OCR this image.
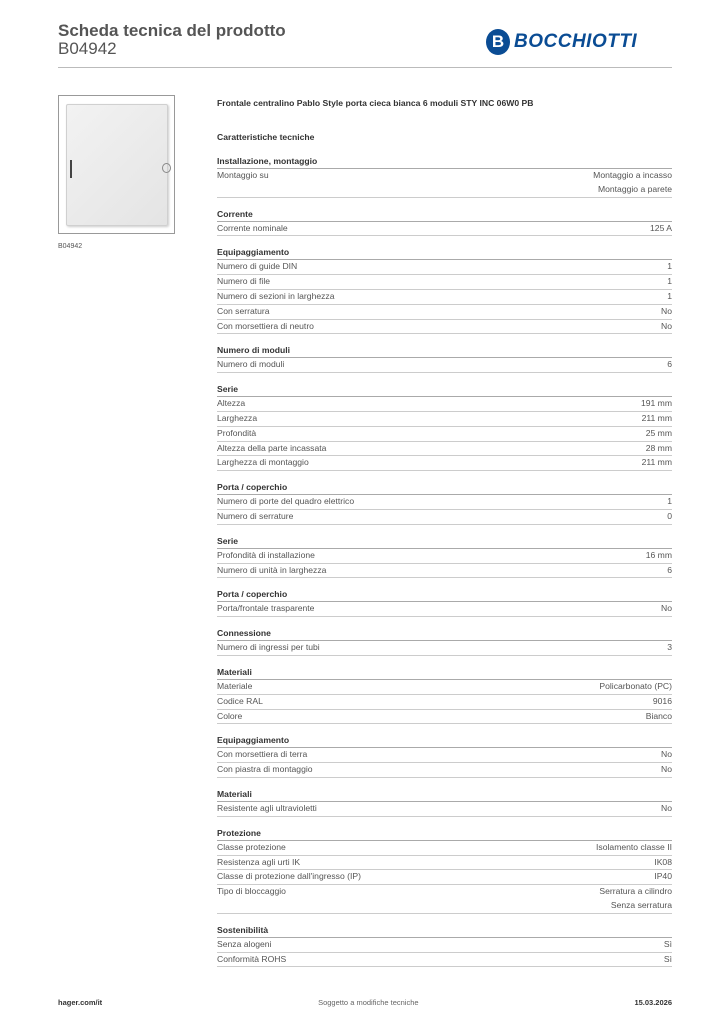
Scheda tecnica del prodotto
B04942	B BOCCHIOTTI
B04942
Frontale centralino Pablo Style porta cieca bianca 6 moduli STY INC 06W0 PB
Caratteristiche tecniche
Installazione, montaggio
Montaggio su	Montaggio a incasso
Montaggio a parete
Corrente
Corrente nominale	125 A
Equipaggiamento
Numero di guide DIN	1
Numero di file	1
Numero di sezioni in larghezza	1
Con serratura	No
Con morsettiera di neutro	No
Numero di moduli
Numero di moduli	6
Serie
Altezza	191 mm
Larghezza	211 mm
Profondità	25 mm
Altezza della parte incassata	28 mm
Larghezza di montaggio	211 mm
Porta / coperchio
Numero di porte del quadro elettrico	1
Numero di serrature	0
Serie
Profondità di installazione	16 mm
Numero di unità in larghezza	6
Porta / coperchio
Porta/frontale trasparente	No
Connessione
Numero di ingressi per tubi	3
Materiali
Materiale	Policarbonato (PC)
Codice RAL	9016
Colore	Bianco
Equipaggiamento
Con morsettiera di terra	No
Con piastra di montaggio	No
Materiali
Resistente agli ultravioletti	No
Protezione
Classe protezione	Isolamento classe II
Resistenza agli urti IK	IK08
Classe di protezione dall'ingresso (IP)	IP40
Tipo di bloccaggio	Serratura a cilindro
Senza serratura
Sostenibilità
Senza alogeni	Sì
Conformità ROHS	Sì
hager.com/it	Soggetto a modifiche tecniche	15.03.2026
